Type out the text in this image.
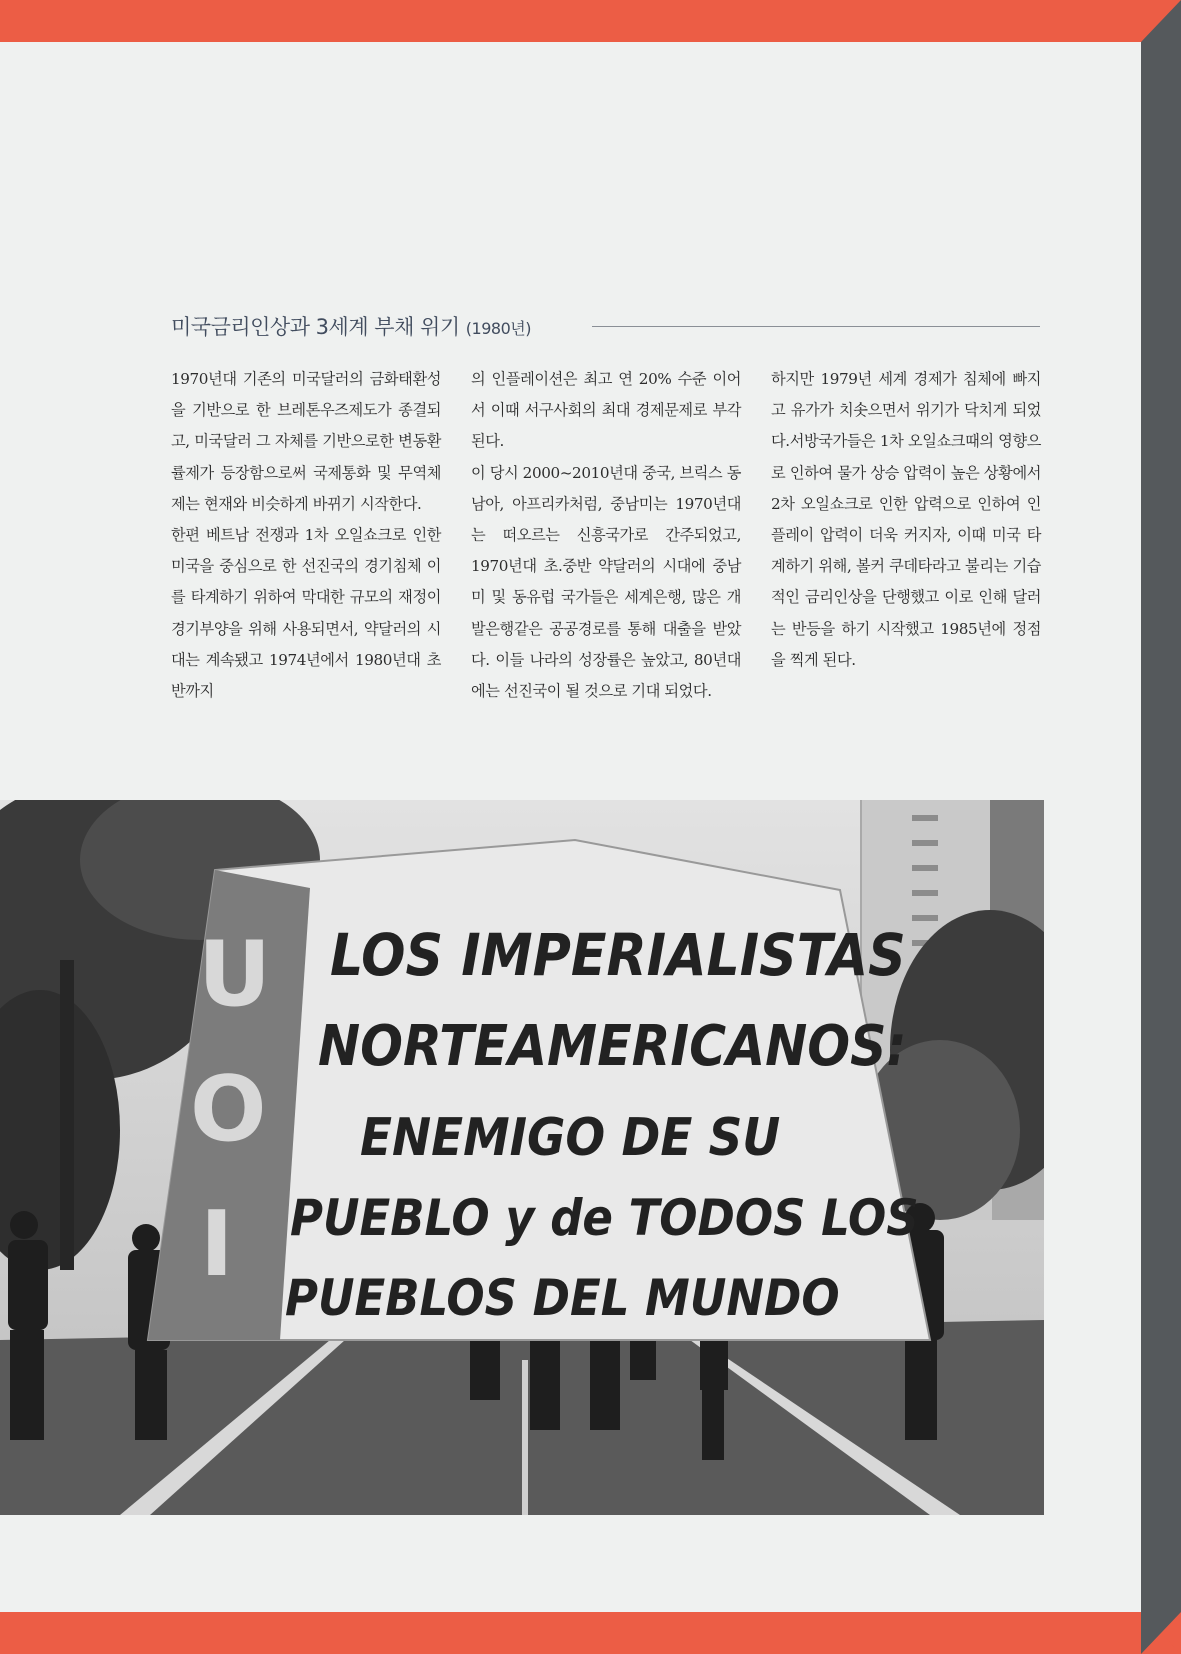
미국금리인상과 3세계 부채 위기 (1980년)

1970년대 기존의 미국달러의 금화태환성을 기반으로 한 브레톤우즈제도가 종결되고, 미국달러 그 자체를 기반으로한 변동환률제가 등장함으로써 국제통화 및 무역체제는 현재와 비슷하게 바뀌기 시작한다.

한편 베트남 전쟁과 1차 오일쇼크로 인한 미국을 중심으로 한 선진국의 경기침체 이를 타계하기 위하여 막대한 규모의 재정이 경기부양을 위해 사용되면서, 약달러의 시대는 계속됐고 1974년에서 1980년대 초반까지

의 인플레이션은 최고 연 20% 수준 이어서 이때 서구사회의 최대 경제문제로 부각된다.

이 당시 2000~2010년대 중국, 브릭스 동남아, 아프리카처럼, 중남미는 1970년대는 떠오르는 신흥국가로 간주되었고, 1970년대 초.중반 약달러의 시대에 중남미 및 동유럽 국가들은 세계은행, 많은 개발은행같은 공공경로를 통해 대출을 받았다. 이들 나라의 성장률은 높았고, 80년대에는 선진국이 될 것으로 기대 되었다.

하지만 1979년 세계 경제가 침체에 빠지고 유가가 치솟으면서 위기가 닥치게 되었다.서방국가들은 1차 오일쇼크때의 영향으로 인하여 물가 상승 압력이 높은 상황에서 2차 오일쇼크로 인한 압력으로 인하여 인플레이 압력이 더욱 커지자, 이때 미국 타계하기 위해, 볼커 쿠데타라고 불리는 기습적인 금리인상을 단행했고 이로 인해 달러는 반등을 하기 시작했고 1985년에 정점을 찍게 된다.

U
O
I
LOS IMPERIALISTAS
NORTEAMERICANOS:
ENEMIGO DE SU
PUEBLO y de TODOS LOS
PUEBLOS DEL MUNDO
